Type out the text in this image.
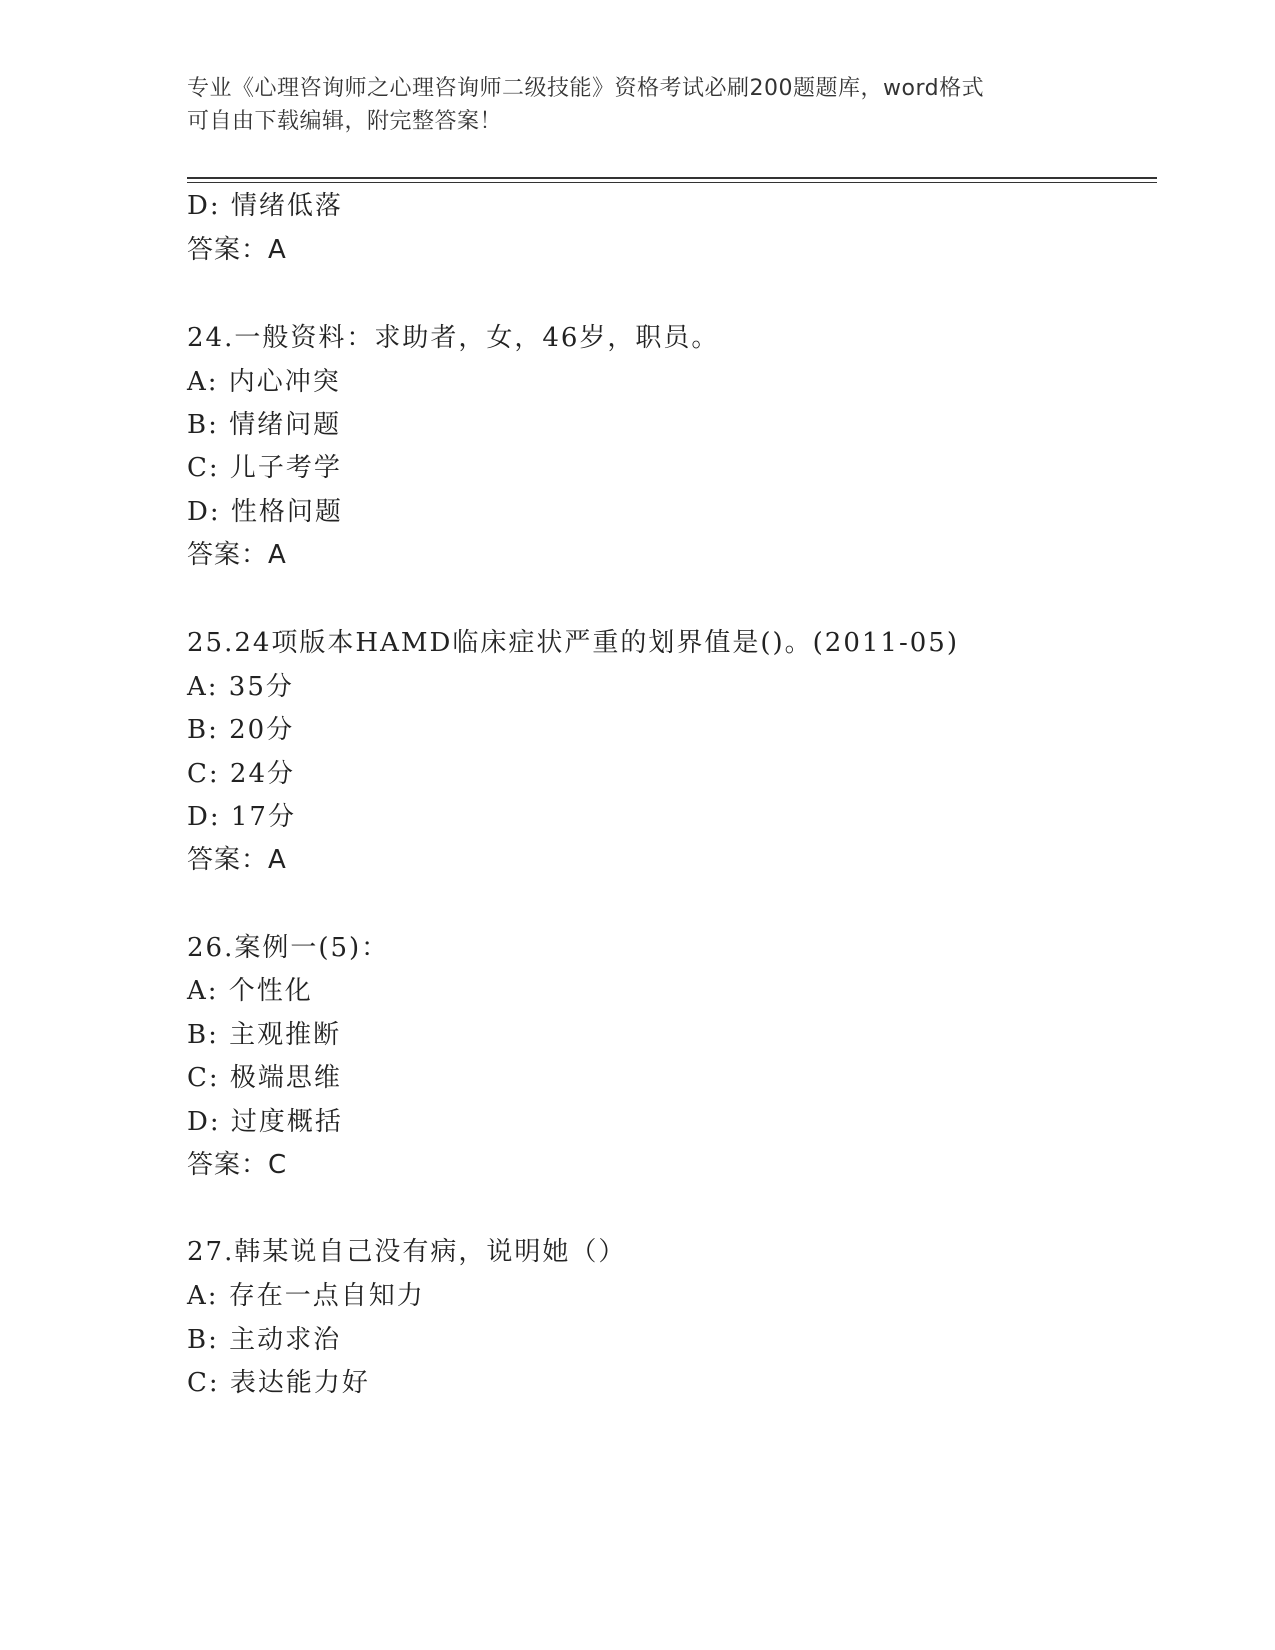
专业《心理咨询师之心理咨询师二级技能》资格考试必刷200题题库，word格式
可自由下载编辑，附完整答案！
D: 情绪低落
答案：A
24.一般资料：求助者，女，46岁，职员。
A: 内心冲突
B: 情绪问题
C: 儿子考学
D: 性格问题
答案：A
25.24项版本HAMD临床症状严重的划界值是()。(2011-05)
A: 35分
B: 20分
C: 24分
D: 17分
答案：A
26.案例一(5)：
A: 个性化
B: 主观推断
C: 极端思维
D: 过度概括
答案：C
27.韩某说自己没有病，说明她（）
A: 存在一点自知力
B: 主动求治
C: 表达能力好
